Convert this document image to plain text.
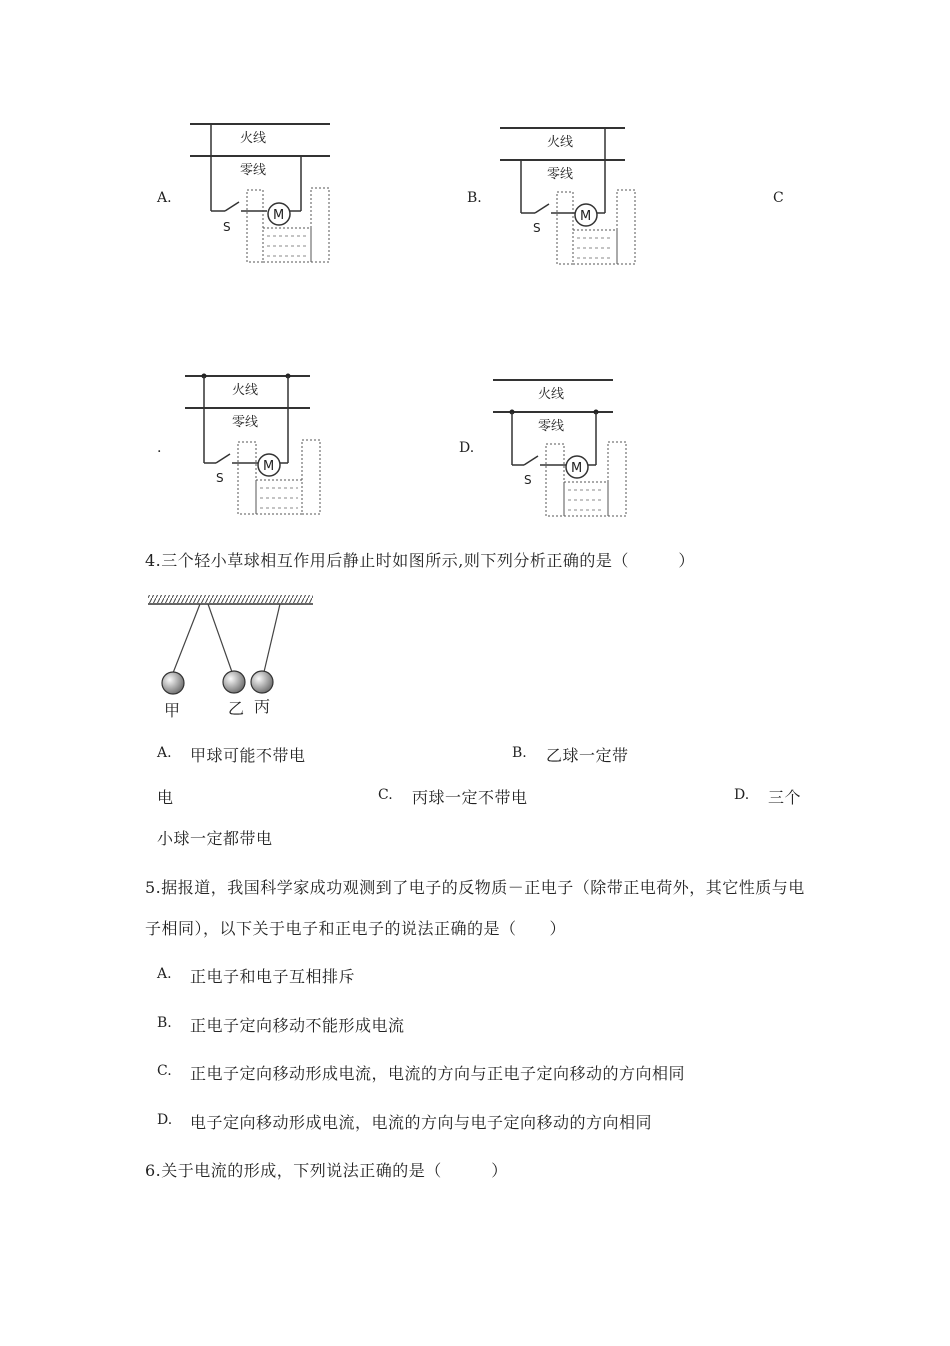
A.	B.	C
.	D.
火线
零线
M
S
火线
零线
M
S
火线
零线
M
S
火线
零线
M
S
4.三个轻小草球相互作用后静止时如图所示,则下列分析正确的是（　　　）
甲	乙 丙
A. 甲球可能不带电	B. 乙球一定带
电	C. 丙球一定不带电	D. 三个
小球一定都带电
5.据报道，我国科学家成功观测到了电子的反物质－正电子（除带正电荷外，其它性质与电
子相同），以下关于电子和正电子的说法正确的是（　　）
A. 正电子和电子互相排斥
B. 正电子定向移动不能形成电流
C. 正电子定向移动形成电流，电流的方向与正电子定向移动的方向相同
D. 电子定向移动形成电流，电流的方向与电子定向移动的方向相同
6.关于电流的形成，下列说法正确的是（　　　）
